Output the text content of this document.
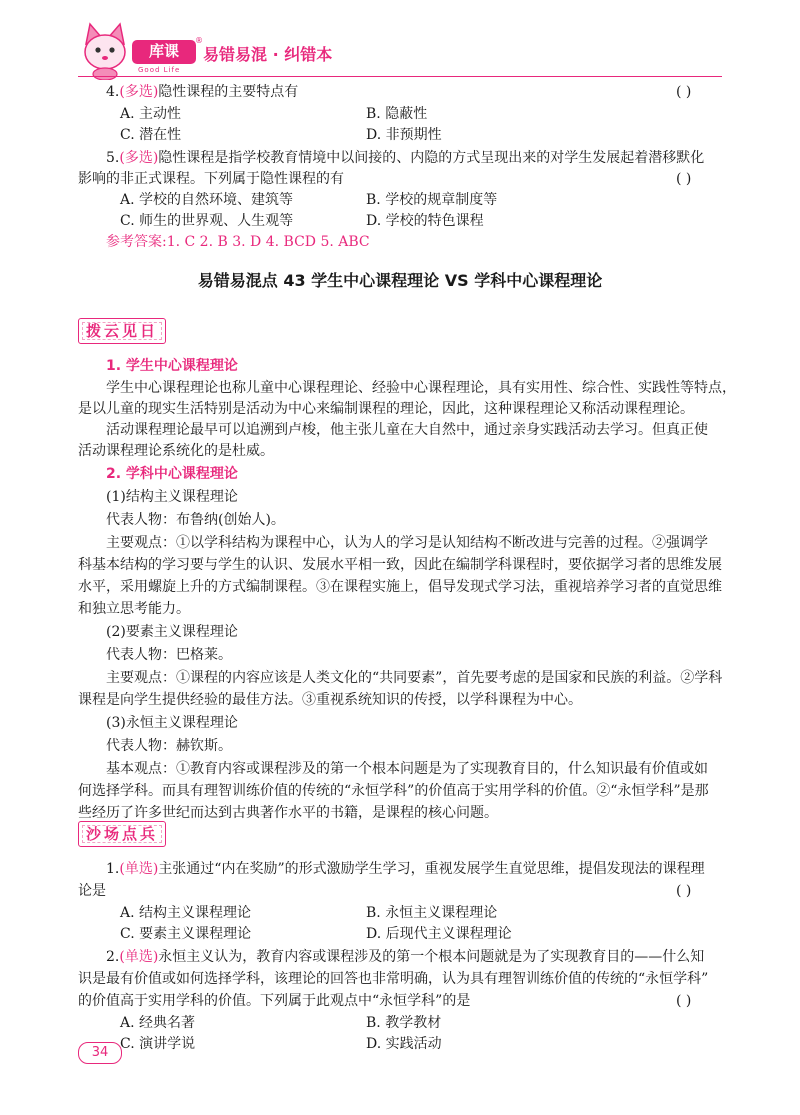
库课
®
Good Life
易错易混 · 纠错本
4.(多选)隐性课程的主要特点有	( )
A. 主动性	B. 隐蔽性
C. 潜在性	D. 非预期性
5.(多选)隐性课程是指学校教育情境中以间接的、内隐的方式呈现出来的对学生发展起着潜移默化
影响的非正式课程。下列属于隐性课程的有	( )
A. 学校的自然环境、建筑等	B. 学校的规章制度等
C. 师生的世界观、人生观等	D. 学校的特色课程
参考答案:1. C 2. B 3. D 4. BCD 5. ABC
易错易混点 43 学生中心课程理论 VS 学科中心课程理论
拨云见日
1. 学生中心课程理论
学生中心课程理论也称儿童中心课程理论、经验中心课程理论，具有实用性、综合性、实践性等特点，
是以儿童的现实生活特别是活动为中心来编制课程的理论，因此，这种课程理论又称活动课程理论。
活动课程理论最早可以追溯到卢梭，他主张儿童在大自然中，通过亲身实践活动去学习。但真正使
活动课程理论系统化的是杜威。
2. 学科中心课程理论
(1)结构主义课程理论
代表人物：布鲁纳(创始人)。
主要观点：①以学科结构为课程中心，认为人的学习是认知结构不断改进与完善的过程。②强调学
科基本结构的学习要与学生的认识、发展水平相一致，因此在编制学科课程时，要依据学习者的思维发展
水平，采用螺旋上升的方式编制课程。③在课程实施上，倡导发现式学习法，重视培养学习者的直觉思维
和独立思考能力。
(2)要素主义课程理论
代表人物：巴格莱。
主要观点：①课程的内容应该是人类文化的“共同要素”，首先要考虑的是国家和民族的利益。②学科
课程是向学生提供经验的最佳方法。③重视系统知识的传授，以学科课程为中心。
(3)永恒主义课程理论
代表人物：赫钦斯。
基本观点：①教育内容或课程涉及的第一个根本问题是为了实现教育目的，什么知识最有价值或如
何选择学科。而具有理智训练价值的传统的“永恒学科”的价值高于实用学科的价值。②“永恒学科”是那
些经历了许多世纪而达到古典著作水平的书籍，是课程的核心问题。
沙场点兵
1.(单选)主张通过“内在奖励”的形式激励学生学习，重视发展学生直觉思维，提倡发现法的课程理
论是	( )
A. 结构主义课程理论	B. 永恒主义课程理论
C. 要素主义课程理论	D. 后现代主义课程理论
2.(单选)永恒主义认为，教育内容或课程涉及的第一个根本问题就是为了实现教育目的——什么知
识是最有价值或如何选择学科，该理论的回答也非常明确，认为具有理智训练价值的传统的“永恒学科”
的价值高于实用学科的价值。下列属于此观点中“永恒学科”的是	( )
A. 经典名著	B. 教学教材
C. 演讲学说	D. 实践活动
34
